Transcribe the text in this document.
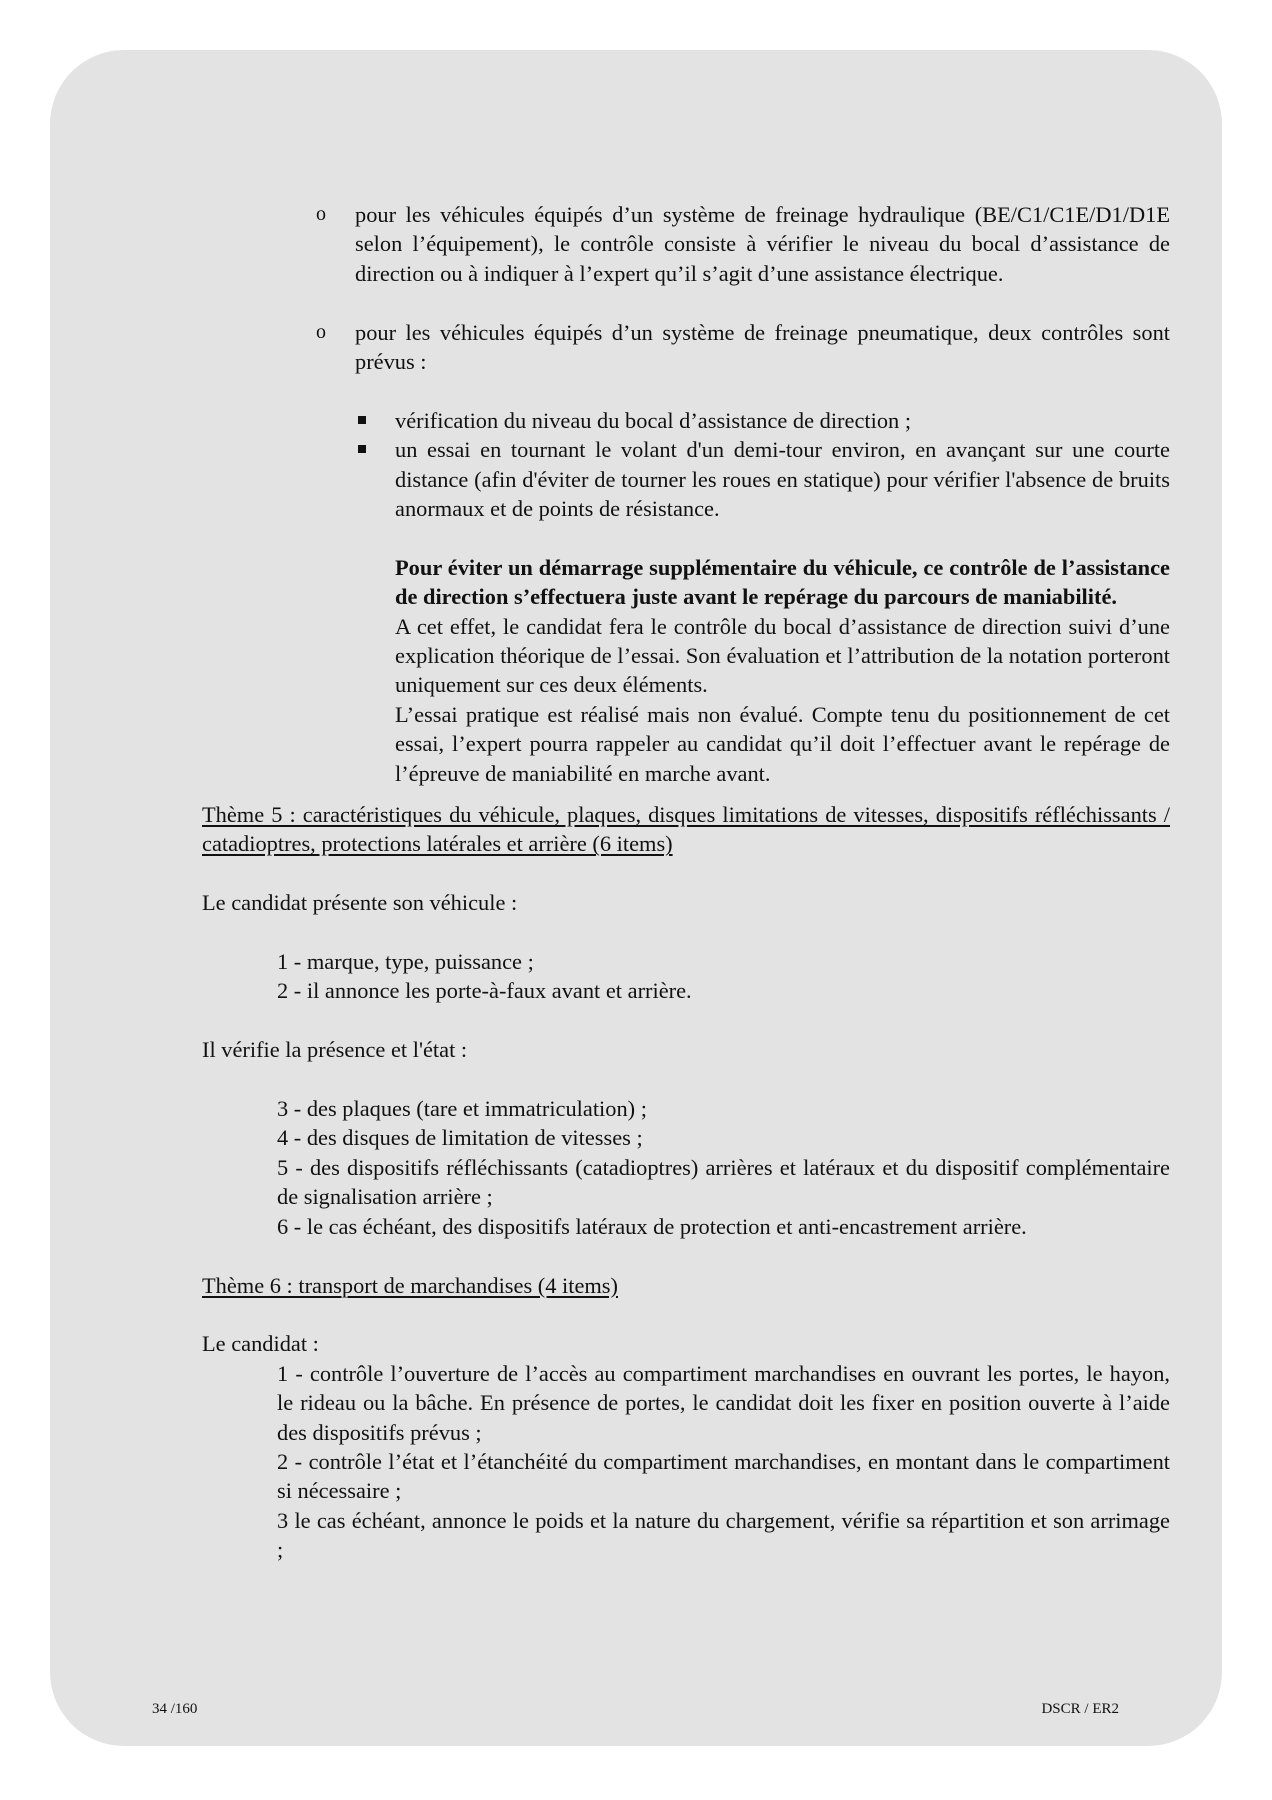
o pour les véhicules équipés d’un système de freinage hydraulique (BE/C1/C1E/D1/D1E selon l’équipement), le contrôle consiste à vérifier le niveau du bocal d’assistance de direction ou à indiquer à l’expert qu’il s’agit d’une assistance électrique.
o pour les véhicules équipés d’un système de freinage pneumatique, deux contrôles sont prévus :
vérification du niveau du bocal d’assistance de direction ;
un essai en tournant le volant d'un demi-tour environ, en avançant sur une courte distance (afin d'éviter de tourner les roues en statique) pour vérifier l'absence de bruits anormaux et de points de résistance.

Pour éviter un démarrage supplémentaire du véhicule, ce contrôle de l’assistance de direction s’effectuera juste avant le repérage du parcours de maniabilité.

A cet effet, le candidat fera le contrôle du bocal d’assistance de direction suivi d’une explication théorique de l’essai. Son évaluation et l’attribution de la notation porteront uniquement sur ces deux éléments.

L’essai pratique est réalisé mais non évalué. Compte tenu du positionnement de cet essai, l’expert pourra rappeler au candidat qu’il doit l’effectuer avant le repérage de l’épreuve de maniabilité en marche avant.

Thème 5 : caractéristiques du véhicule, plaques, disques limitations de vitesses, dispositifs réfléchissants / catadioptres, protections latérales et arrière (6 items)

Le candidat présente son véhicule :

1 - marque, type, puissance ;
2 - il annonce les porte-à-faux avant et arrière.

Il vérifie la présence et l'état :

3 - des plaques (tare et immatriculation) ;
4 - des disques de limitation de vitesses ;
5 - des dispositifs réfléchissants (catadioptres) arrières et latéraux et du dispositif complémentaire de signalisation arrière ;
6 - le cas échéant, des dispositifs latéraux de protection et anti-encastrement arrière.

Thème 6 : transport de marchandises (4 items)

Le candidat :

1 - contrôle l’ouverture de l’accès au compartiment marchandises en ouvrant les portes, le hayon, le rideau ou la bâche. En présence de portes, le candidat doit les fixer en position ouverte à l’aide des dispositifs prévus ;
2 - contrôle l’état et l’étanchéité du compartiment marchandises, en montant dans le compartiment si nécessaire ;
3 le cas échéant, annonce le poids et la nature du chargement, vérifie sa répartition et son arrimage ;
34 /160	DSCR / ER2
